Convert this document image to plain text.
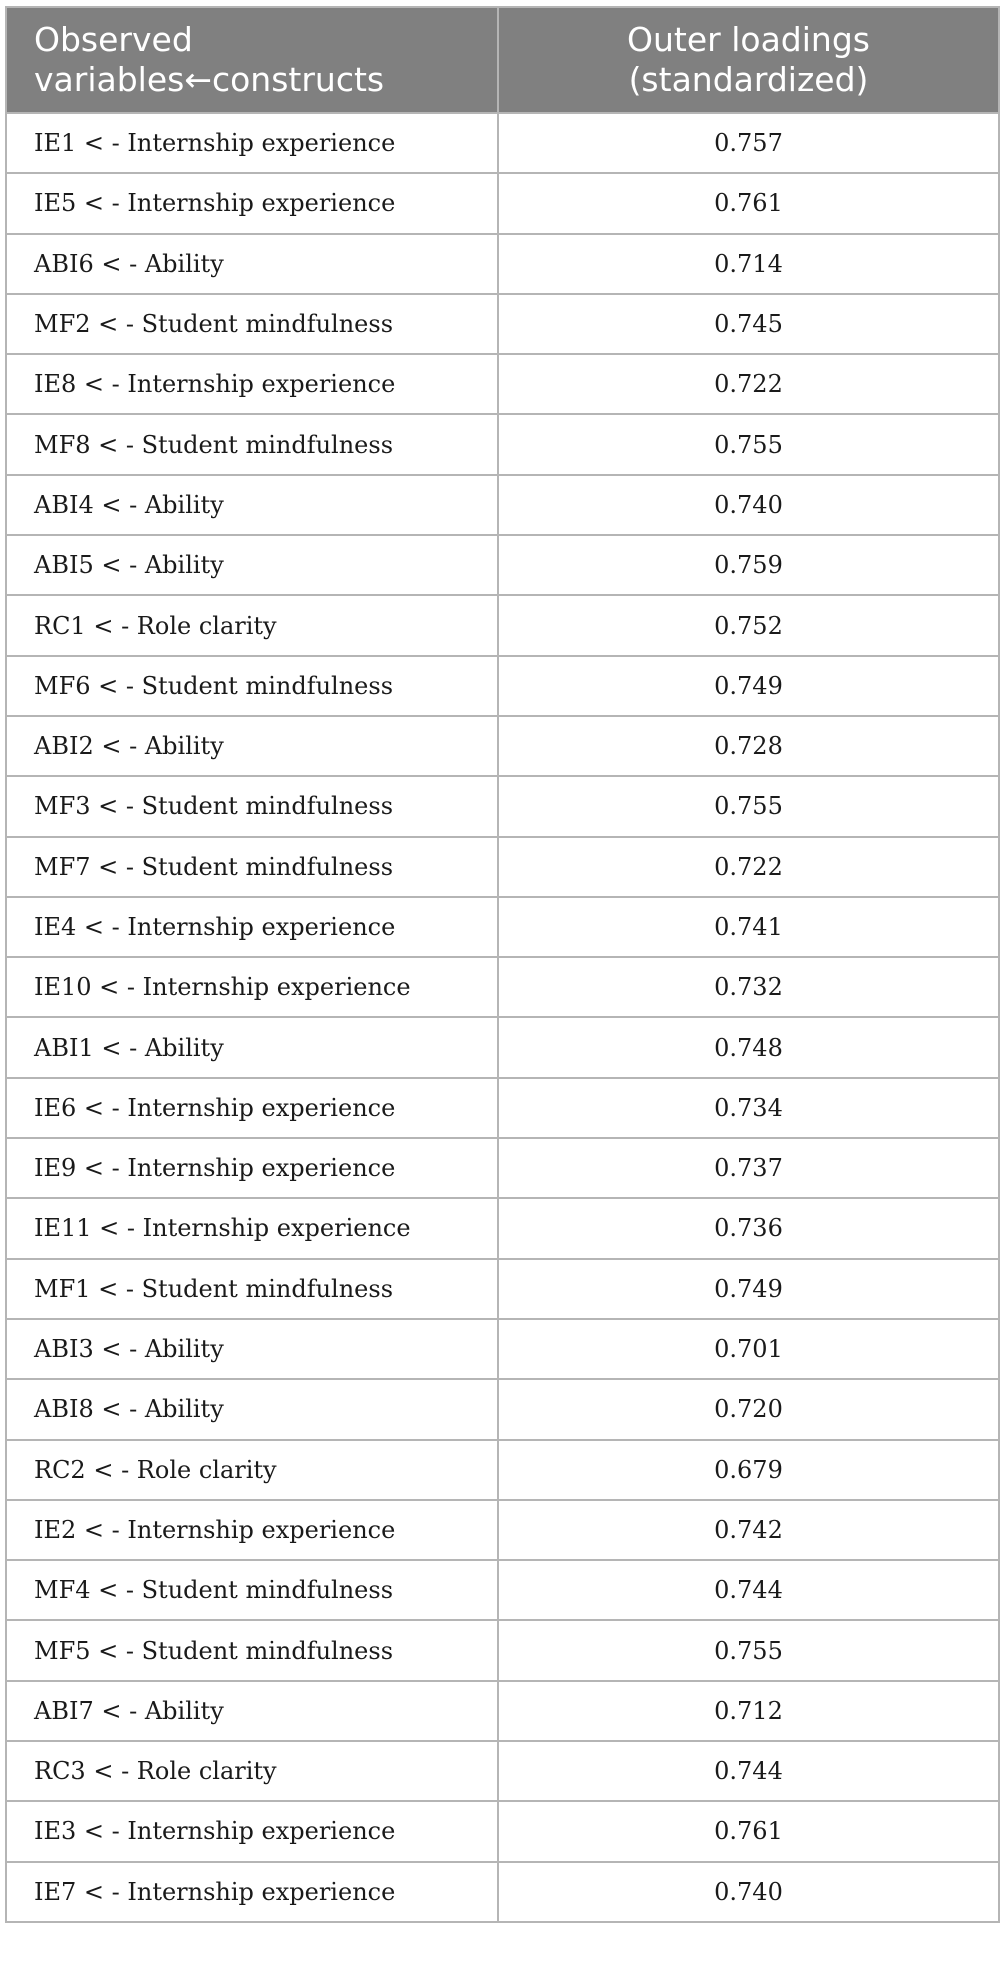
Observed
variables←constructs	Outer loadings
(standardized)

IE1 < - Internship experience	0.757
IE5 < - Internship experience	0.761
ABI6 < - Ability	0.714
MF2 < - Student mindfulness	0.745
IE8 < - Internship experience	0.722
MF8 < - Student mindfulness	0.755
ABI4 < - Ability	0.740
ABI5 < - Ability	0.759
RC1 < - Role clarity	0.752
MF6 < - Student mindfulness	0.749
ABI2 < - Ability	0.728
MF3 < - Student mindfulness	0.755
MF7 < - Student mindfulness	0.722
IE4 < - Internship experience	0.741
IE10 < - Internship experience	0.732
ABI1 < - Ability	0.748
IE6 < - Internship experience	0.734
IE9 < - Internship experience	0.737
IE11 < - Internship experience	0.736
MF1 < - Student mindfulness	0.749
ABI3 < - Ability	0.701
ABI8 < - Ability	0.720
RC2 < - Role clarity	0.679
IE2 < - Internship experience	0.742
MF4 < - Student mindfulness	0.744
MF5 < - Student mindfulness	0.755
ABI7 < - Ability	0.712
RC3 < - Role clarity	0.744
IE3 < - Internship experience	0.761
IE7 < - Internship experience	0.740
